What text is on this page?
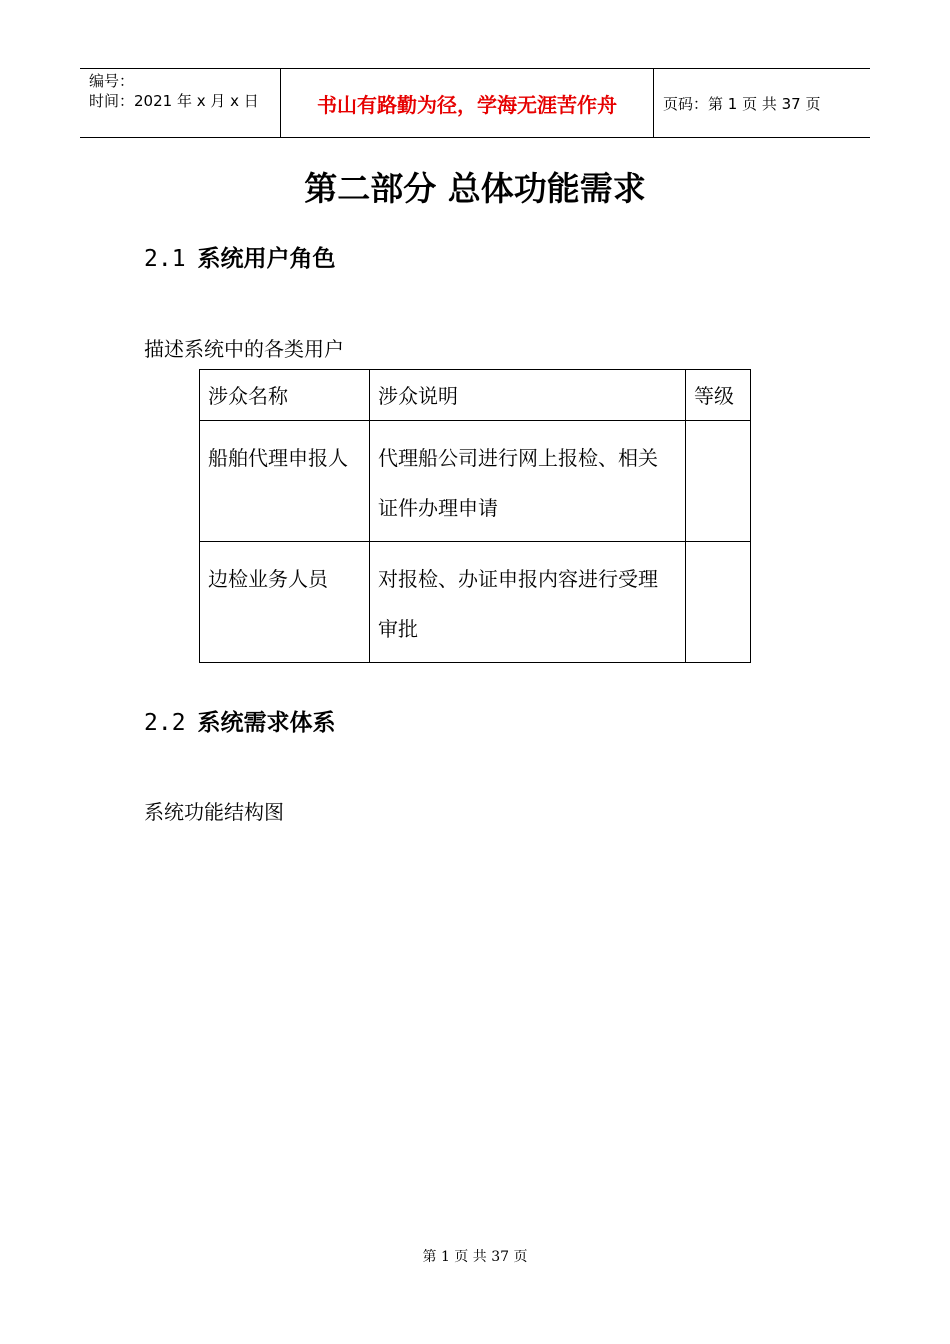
编号：
时间：2021 年 x 月 x 日	书山有路勤为径，学海无涯苦作舟	页码：第 1 页 共 37 页
第二部分 总体功能需求
2.1 系统用户角色
描述系统中的各类用户
涉众名称	涉众说明	等级
船舶代理申报人	代理船公司进行网上报检、相关证件办理申请	
边检业务人员	对报检、办证申报内容进行受理审批	
2.2 系统需求体系
系统功能结构图
第 1 页 共 37 页
